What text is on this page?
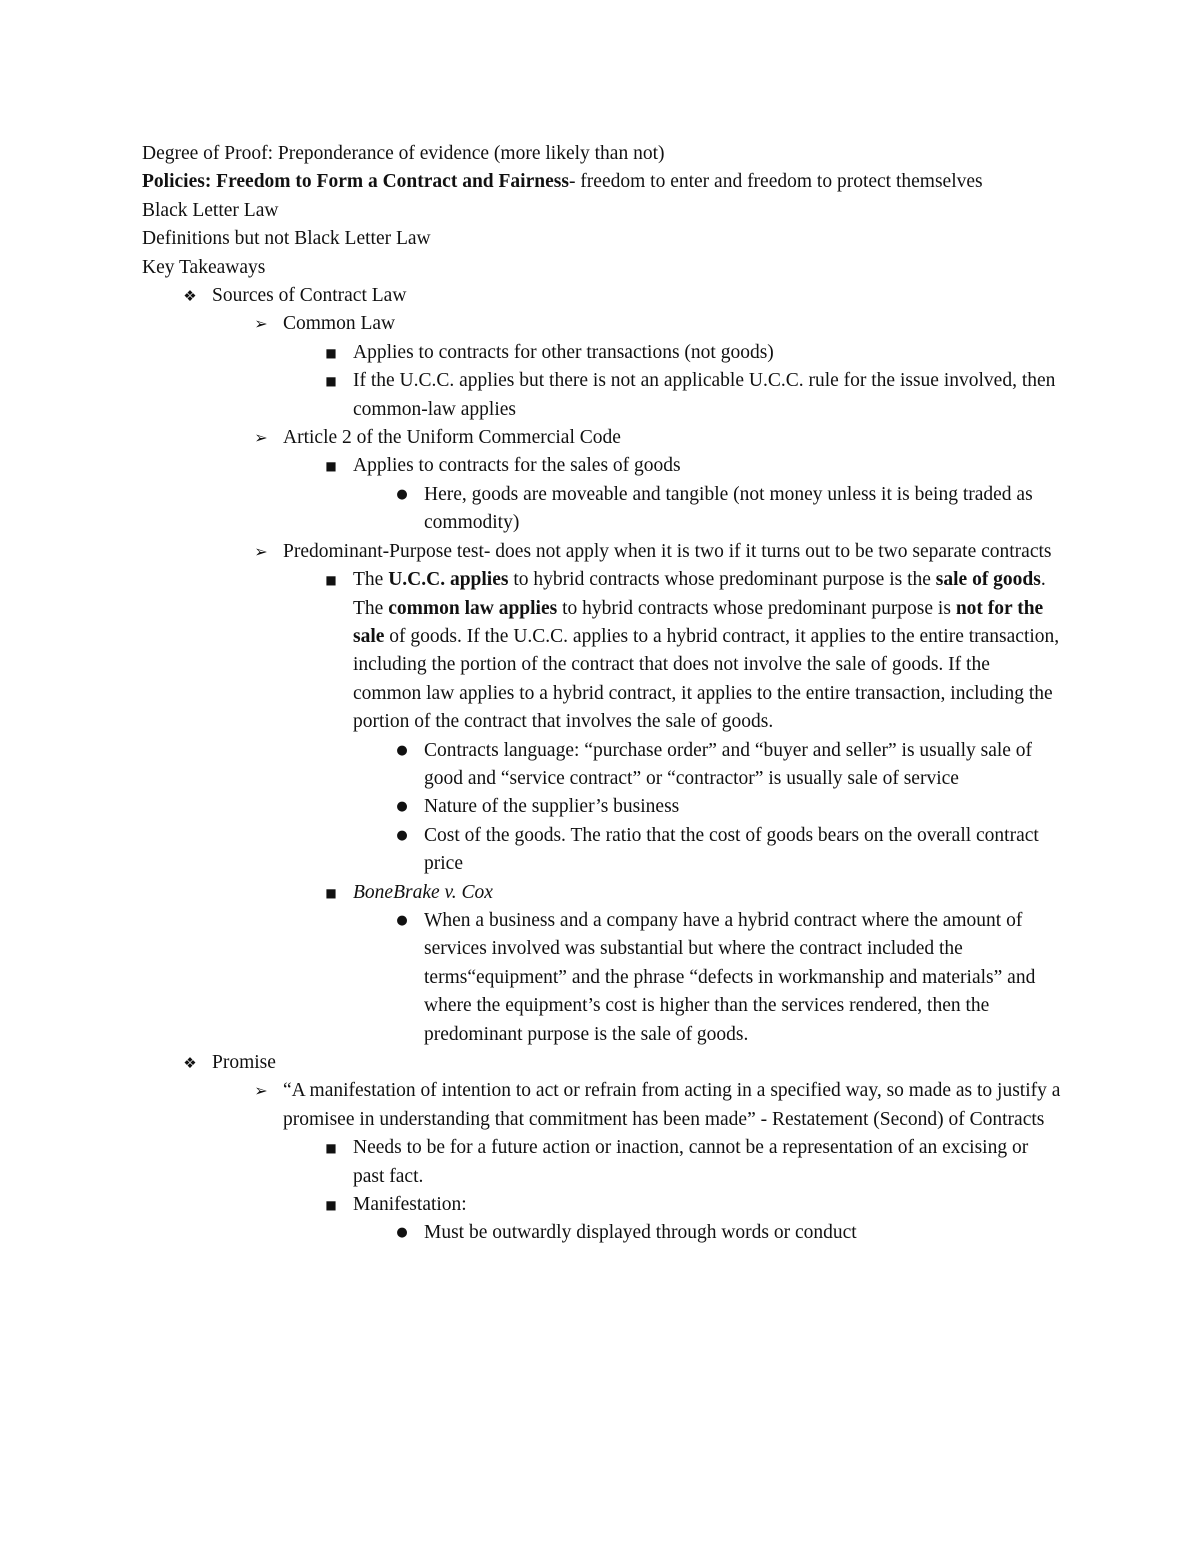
Degree of Proof: Preponderance of evidence (more likely than not)

Policies: Freedom to Form a Contract and Fairness- freedom to enter and freedom to protect themselves

Black Letter Law

Definitions but not Black Letter Law

Key Takeaways

❖ Sources of Contract Law
➢ Common Law
■ Applies to contracts for other transactions (not goods)
■ If the U.C.C. applies but there is not an applicable U.C.C. rule for the issue involved, then common-law applies
➢ Article 2 of the Uniform Commercial Code
■ Applies to contracts for the sales of goods
● Here, goods are moveable and tangible (not money unless it is being traded as commodity)
➢ Predominant-Purpose test- does not apply when it is two if it turns out to be two separate contracts
■ The U.C.C. applies to hybrid contracts whose predominant purpose is the sale of goods. The common law applies to hybrid contracts whose predominant purpose is not for the sale of goods. If the U.C.C. applies to a hybrid contract, it applies to the entire transaction, including the portion of the contract that does not involve the sale of goods. If the common law applies to a hybrid contract, it applies to the entire transaction, including the portion of the contract that involves the sale of goods.
● Contracts language: “purchase order” and “buyer and seller” is usually sale of good and “service contract” or “contractor” is usually sale of service
● Nature of the supplier’s business
● Cost of the goods. The ratio that the cost of goods bears on the overall contract price
■ BoneBrake v. Cox
● When a business and a company have a hybrid contract where the amount of services involved was substantial but where the contract included the terms“equipment” and the phrase “defects in workmanship and materials” and where the equipment’s cost is higher than the services rendered, then the predominant purpose is the sale of goods.
❖ Promise
➢ “A manifestation of intention to act or refrain from acting in a specified way, so made as to justify a promisee in understanding that commitment has been made” - Restatement (Second) of Contracts
■ Needs to be for a future action or inaction, cannot be a representation of an excising or past fact.
■ Manifestation:
● Must be outwardly displayed through words or conduct
